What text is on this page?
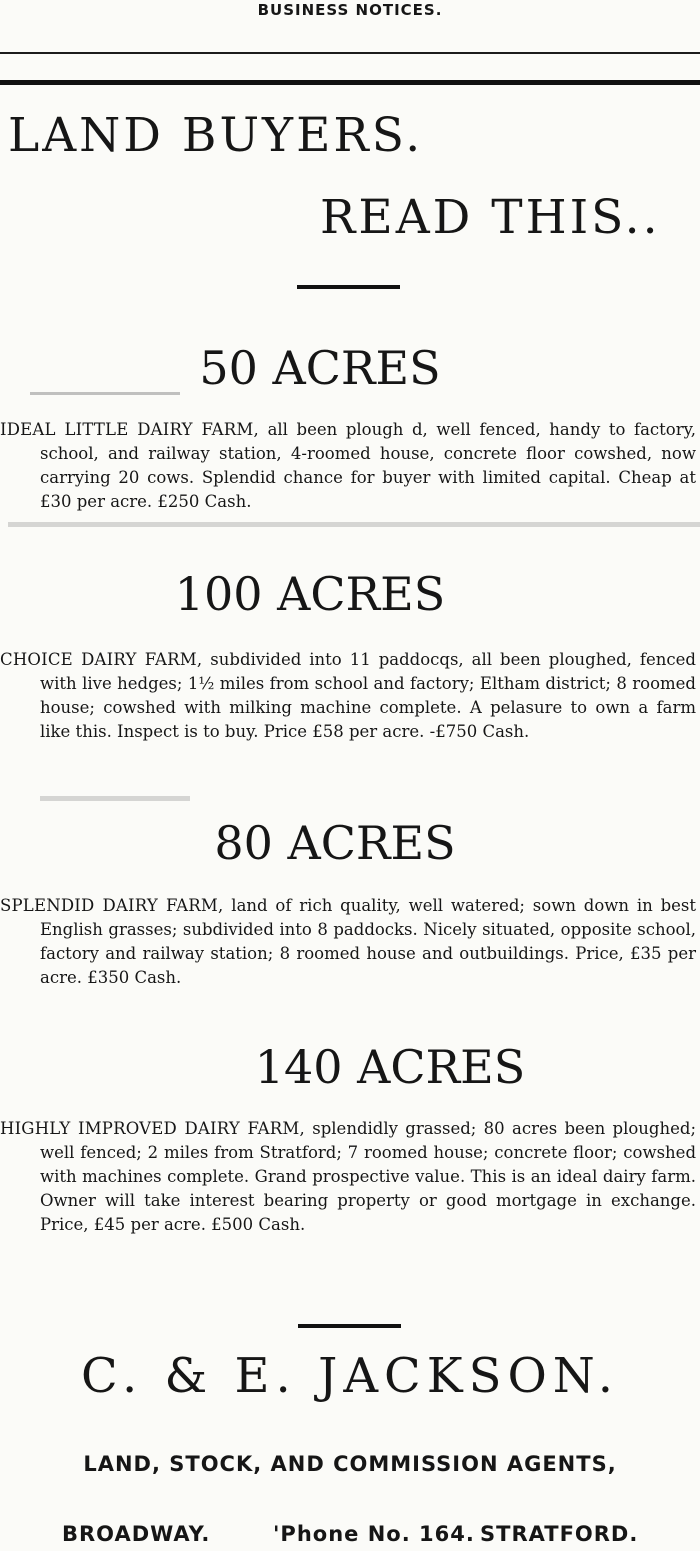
BUSINESS NOTICES.
LAND BUYERS.
READ THIS..
50 ACRES
IDEAL LITTLE DAIRY FARM, all been plough d, well fenced, handy to factory, school, and railway station, 4-roomed house, concrete floor cowshed, now carrying 20 cows. Splendid chance for buyer with limited capital. Cheap at £30 per acre. £250 Cash.
100 ACRES
CHOICE DAIRY FARM, subdivided into 11 paddocqs, all been ploughed, fenced with live hedges; 1½ miles from school and factory; Eltham district; 8 roomed house; cowshed with milking machine complete. A pelasure to own a farm like this. Inspect is to buy. Price £58 per acre. -£750 Cash.
80 ACRES
SPLENDID DAIRY FARM, land of rich quality, well watered; sown down in best English grasses; subdivided into 8 paddocks. Nicely situated, opposite school, factory and railway station; 8 roomed house and outbuildings. Price, £35 per acre. £350 Cash.
140 ACRES
HIGHLY IMPROVED DAIRY FARM, splendidly grassed; 80 acres been ploughed; well fenced; 2 miles from Stratford; 7 roomed house; concrete floor; cowshed with machines complete. Grand prospective value. This is an ideal dairy farm. Owner will take interest bearing property or good mortgage in exchange. Price, £45 per acre. £500 Cash.
C. & E. JACKSON.
LAND, STOCK, AND COMMISSION AGENTS,
BROADWAY.	'Phone No. 164. STRATFORD.
